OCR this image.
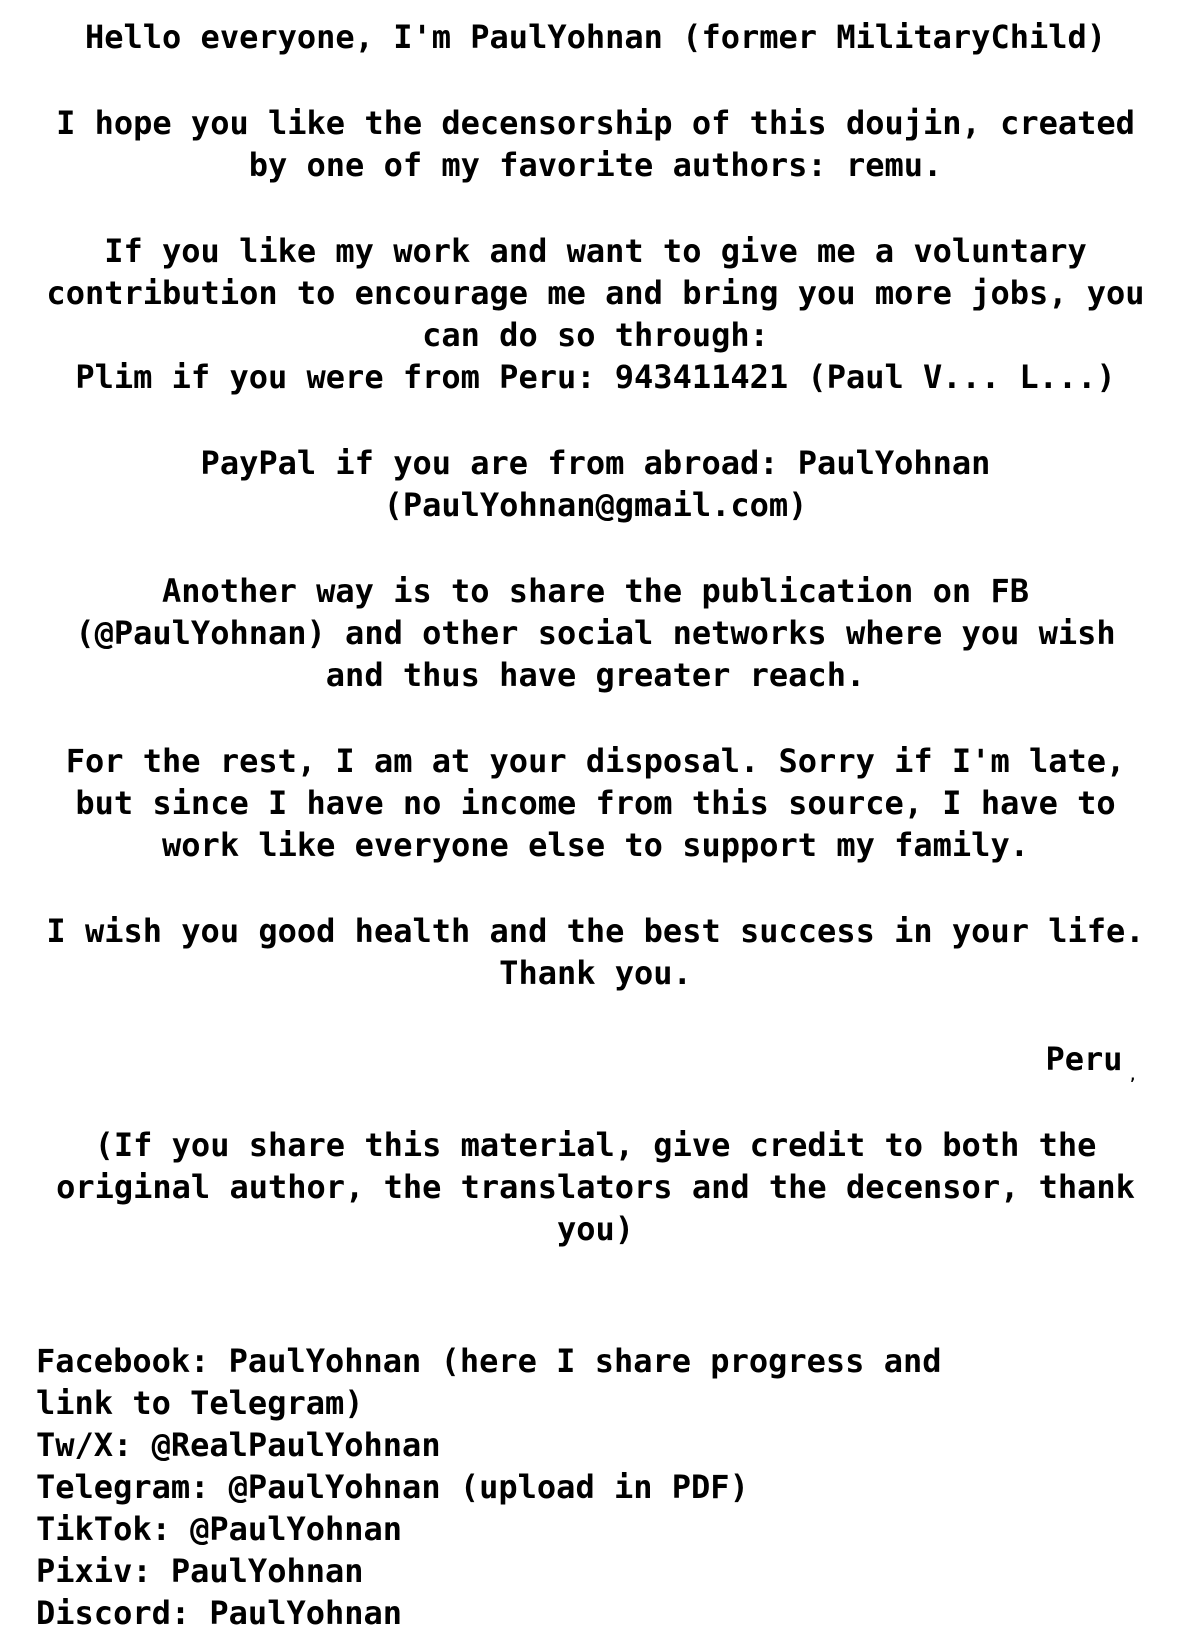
Hello everyone, I'm PaulYohnan (former MilitaryChild)
I hope you like the decensorship of this doujin, created
by one of my favorite authors: remu.
If you like my work and want to give me a voluntary
contribution to encourage me and bring you more jobs, you
can do so through:
Plim if you were from Peru: 943411421 (Paul V... L...)
PayPal if you are from abroad: PaulYohnan
(PaulYohnan@gmail.com)
Another way is to share the publication on FB
(@PaulYohnan) and other social networks where you wish
and thus have greater reach.
For the rest, I am at your disposal. Sorry if I'm late,
but since I have no income from this source, I have to
work like everyone else to support my family.
I wish you good health and the best success in your life.
Thank you.
Peru ,
(If you share this material, give credit to both the
original author, the translators and the decensor, thank
you)
Facebook: PaulYohnan (here I share progress and
link to Telegram)
Tw/X: @RealPaulYohnan
Telegram: @PaulYohnan (upload in PDF)
TikTok: @PaulYohnan
Pixiv: PaulYohnan
Discord: PaulYohnan
